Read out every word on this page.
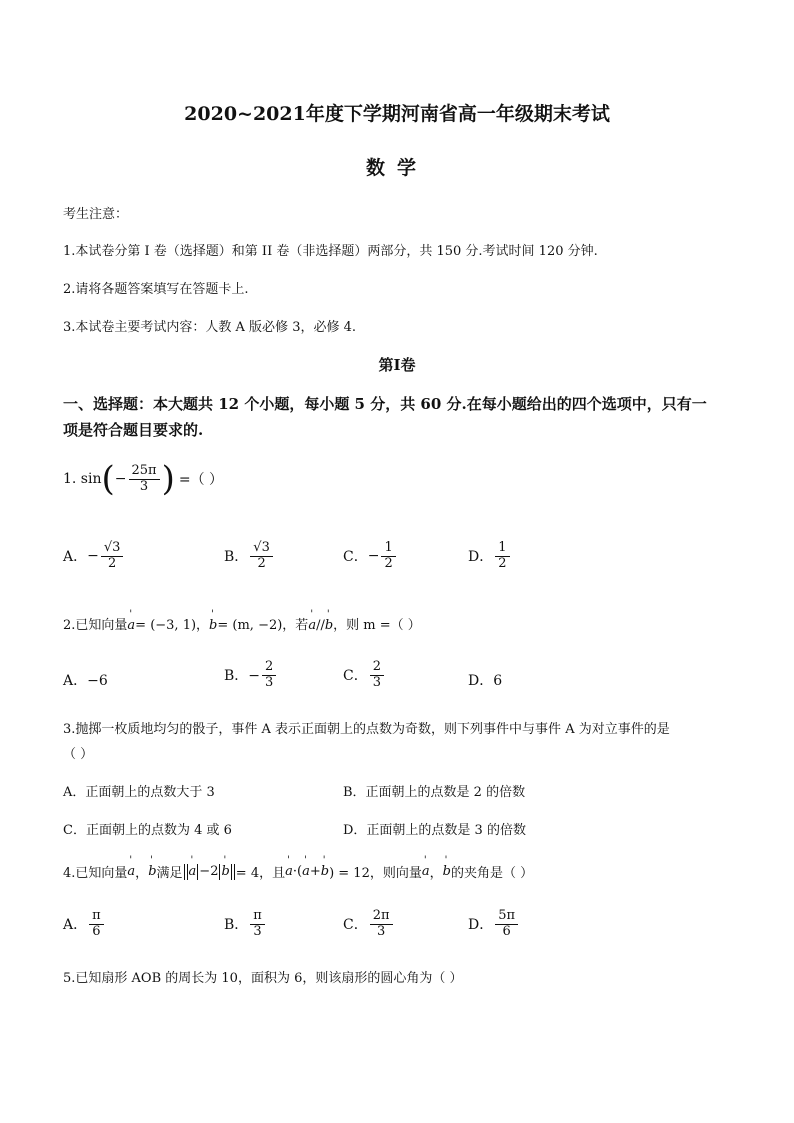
2020~2021年度下学期河南省高一年级期末考试
数学
考生注意：
1.本试卷分第 I 卷（选择题）和第 II 卷（非选择题）两部分，共 150 分.考试时间 120 分钟.
2.请将各题答案填写在答题卡上.
3.本试卷主要考试内容：人教 A 版必修 3，必修 4.
第Ⅰ卷
一、选择题：本大题共 12 个小题，每小题 5 分，共 60 分.在每小题给出的四个选项中，只有一
项是符合题目要求的.
1. sin ( − $\frac{25\pi}{3}$ ) =（ ）
A． − $\frac{√3}{2}$	B． $\frac{√3}{2}$	C． − $\frac{1}{2}$	D． $\frac{1}{2}$
2.已知向量' a= (−3, 1)，' b= (m, −2)，若' a//' b，则 m =（ ）
A．−6	B．− $\frac{2}{3}$	C． $\frac{2}{3}$	D．6
3.抛掷一枚质地均匀的骰子，事件 A 表示正面朝上的点数为奇数，则下列事件中与事件 A 为对立事件的是
（ ）
A．正面朝上的点数大于 3	B．正面朝上的点数是 2 的倍数
C．正面朝上的点数为 4 或 6	D．正面朝上的点数是 3 的倍数
4.已知向量 ' a ， ' b 满足 ' a −2 ' b = 4，且 ' a ·( ' a + ' b ) = 12，则向量 ' a ， ' b 的夹角是（ ）
A． $\frac{\pi}{6}$	B． $\frac{\pi}{3}$	C． $\frac{2\pi}{3}$	D． $\frac{5\pi}{6}$
5.已知扇形 AOB 的周长为 10，面积为 6，则该扇形的圆心角为（ ）
